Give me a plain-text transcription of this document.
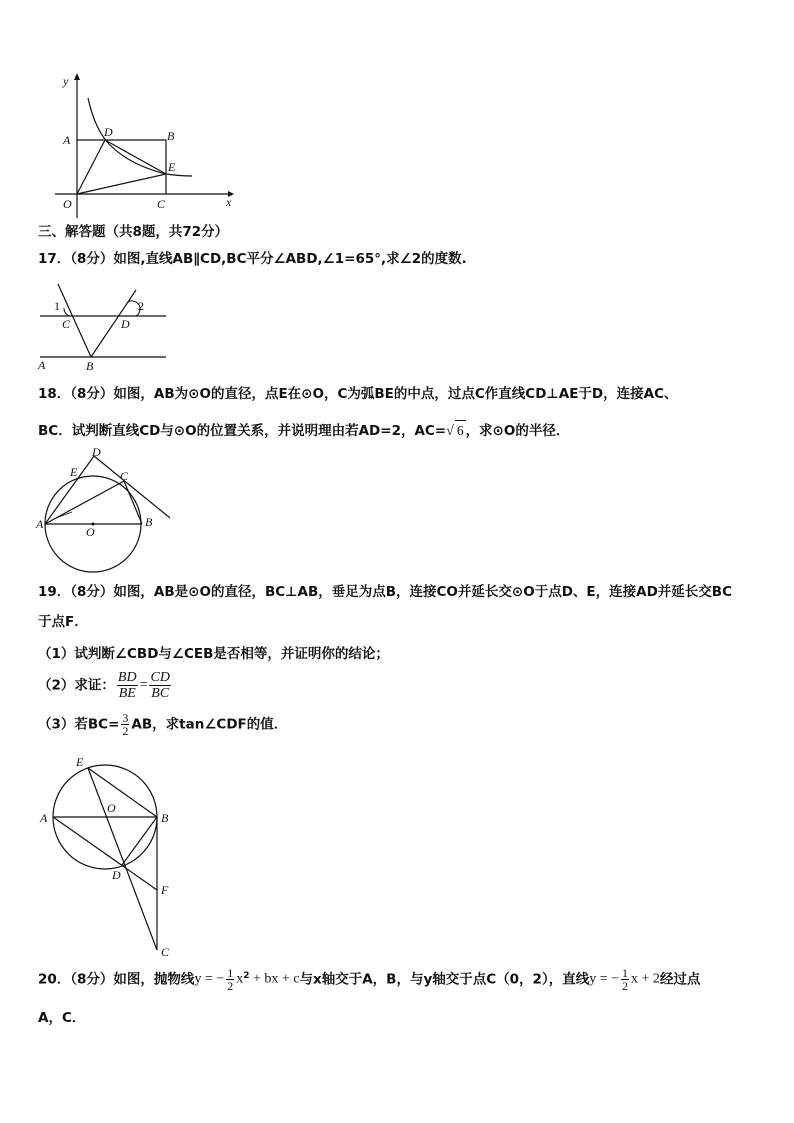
y
x
O
A
D	B
E
C
三、解答题（共8题，共72分）
17．（8分）如图,直线AB∥CD,BC平分∠ABD,∠1=65°,求∠2的度数.
1	2
C	D
A	B
18．（8分）如图，AB为⊙O的直径，点E在⊙O，C为弧BE的中点，过点C作直线CD⊥AE于D，连接AC、
BC．试判断直线CD与⊙O的位置关系，并说明理由若AD=2，AC=√ 6 ，求⊙O的半径．
D
E	C
A
O
B
19．（8分）如图，AB是⊙O的直径，BC⊥AB，垂足为点B，连接CO并延长交⊙O于点D、E，连接AD并延长交BC
于点F．
（1）试判断∠CBD与∠CEB是否相等，并证明你的结论；
（2）求证： $\frac{BD}{BE} = \frac{CD}{BC}$
（3）若$BC= \frac{3}{2}$ AB，求tan∠CDF的值．
E
O
A	B
D
F
C
20．（8分）如图，抛物线y = − $\frac{1}{2} x^2$ + bx + c与x轴交于A，B，与y轴交于点C（0，2），直线y = − $\frac{1}{2}$ x + 2经过点
A，C．
